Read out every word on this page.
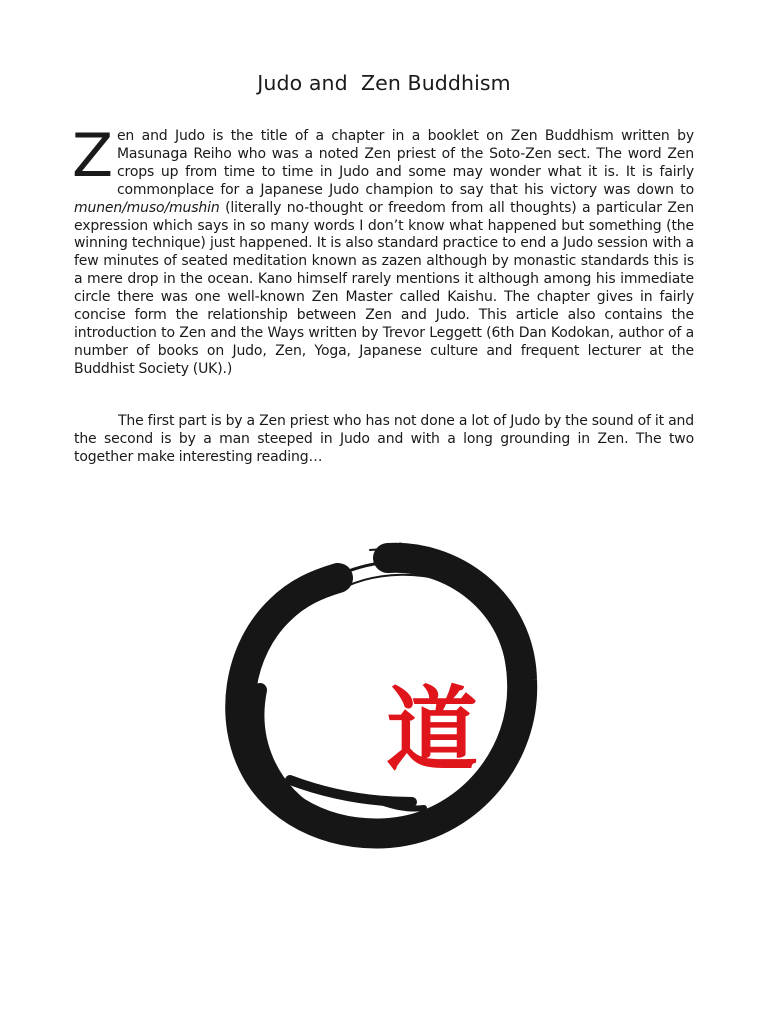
Judo and  Zen Buddhism

Zen and Judo is the title of a chapter in a booklet on Zen Buddhism written by Masunaga Reiho who was a noted Zen priest of the Soto-Zen sect. The word Zen crops up from time to time in Judo and some may wonder what it is. It is fairly commonplace for a Japanese Judo champion to say that his victory was down to munen/muso/mushin (literally no-thought or freedom from all thoughts) a particular Zen expression which says in so many words I don’t know what happened but something (the winning technique) just happened. It is also standard practice to end a Judo session with a few minutes of seated meditation known as zazen although by monastic standards this is a mere drop in the ocean. Kano himself rarely mentions it although among his immediate circle there was one well-known Zen Master called Kaishu. The chapter gives in fairly concise form the relationship between Zen and Judo. This article also contains the introduction to Zen and the Ways written by Trevor Leggett (6th Dan Kodokan, author of a number of books on Judo, Zen, Yoga, Japanese culture and frequent lecturer at the Buddhist Society (UK).)

The first part is by a Zen priest who has not done a lot of Judo by the sound of it and the second is by a man steeped in Judo and with a long grounding in Zen. The two together make interesting reading…

道
